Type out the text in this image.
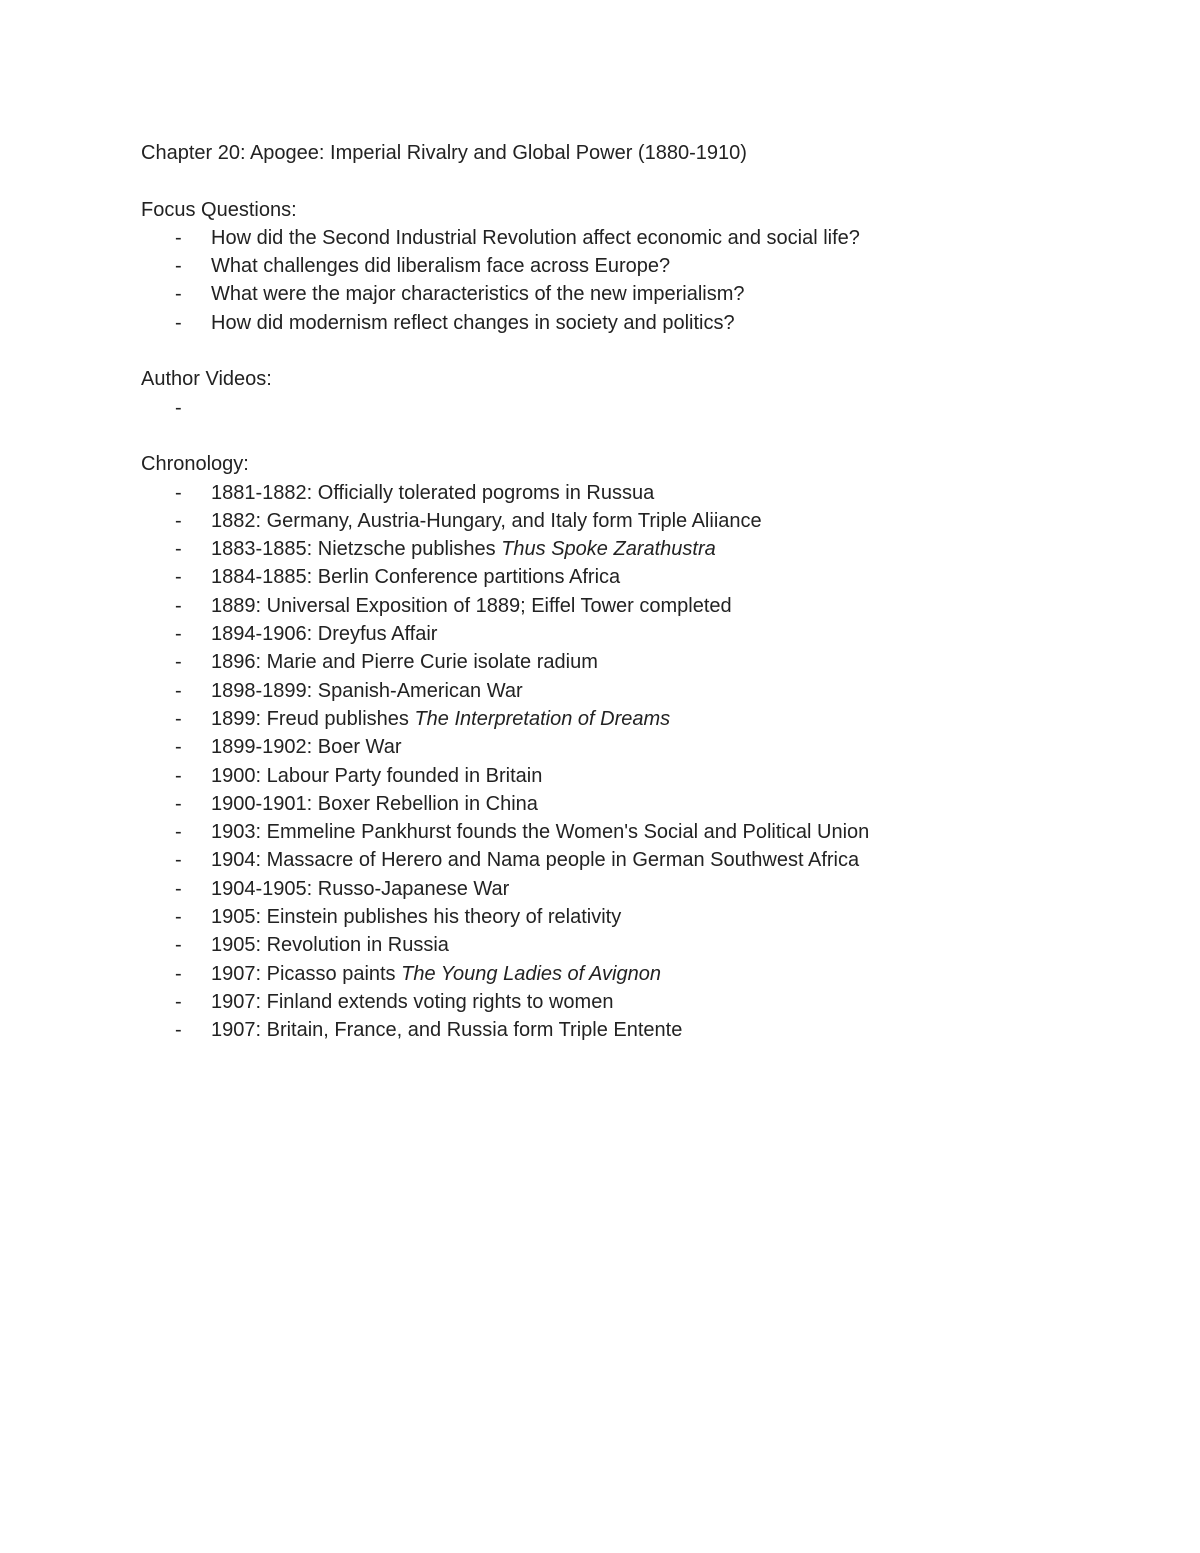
Chapter 20: Apogee: Imperial Rivalry and Global Power (1880-1910)
Focus Questions:
- How did the Second Industrial Revolution affect economic and social life?
- What challenges did liberalism face across Europe?
- What were the major characteristics of the new imperialism?
- How did modernism reflect changes in society and politics?
Author Videos:
-

Chronology:
- 1881-1882: Officially tolerated pogroms in Russua
- 1882: Germany, Austria-Hungary, and Italy form Triple Aliiance
- 1883-1885: Nietzsche publishes Thus Spoke Zarathustra
- 1884-1885: Berlin Conference partitions Africa
- 1889: Universal Exposition of 1889; Eiffel Tower completed
- 1894-1906: Dreyfus Affair
- 1896: Marie and Pierre Curie isolate radium
- 1898-1899: Spanish-American War
- 1899: Freud publishes The Interpretation of Dreams
- 1899-1902: Boer War
- 1900: Labour Party founded in Britain
- 1900-1901: Boxer Rebellion in China
- 1903: Emmeline Pankhurst founds the Women's Social and Political Union
- 1904: Massacre of Herero and Nama people in German Southwest Africa
- 1904-1905: Russo-Japanese War
- 1905: Einstein publishes his theory of relativity
- 1905: Revolution in Russia
- 1907: Picasso paints The Young Ladies of Avignon
- 1907: Finland extends voting rights to women
- 1907: Britain, France, and Russia form Triple Entente
